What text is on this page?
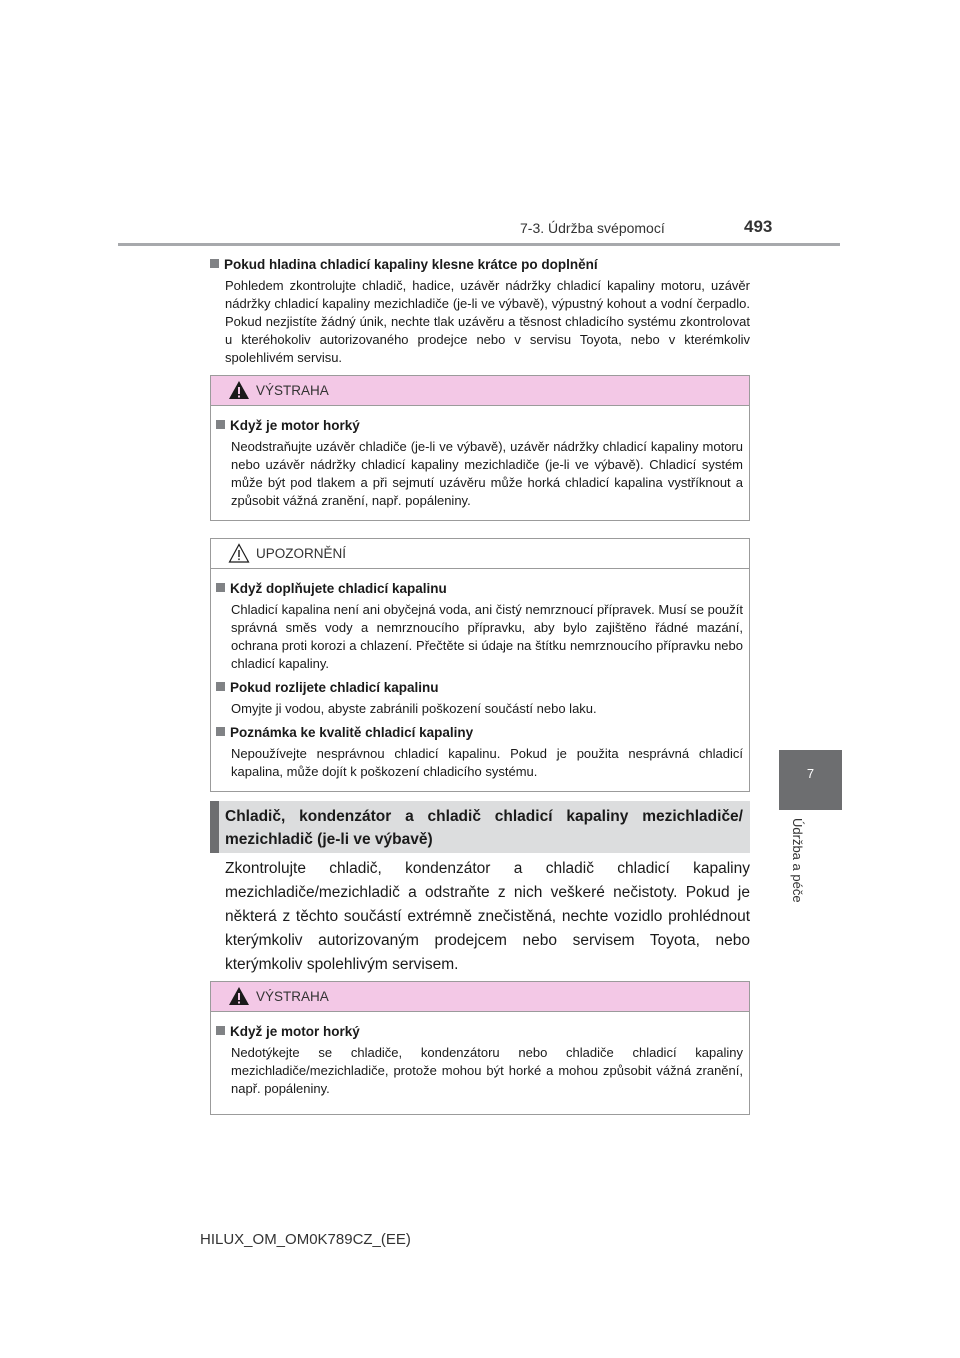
7-3. Údržba svépomocí	493
7
Údržba a péče
Pokud hladina chladicí kapaliny klesne krátce po doplnění
Pohledem zkontrolujte chladič, hadice, uzávěr nádržky chladicí kapaliny motoru, uzávěr nádržky chladicí kapaliny mezichladiče (je-li ve výbavě), výpustný kohout a vodní čerpadlo. Pokud nezjistíte žádný únik, nechte tlak uzávěru a těsnost chladicího systému zkontrolovat u kteréhokoliv autorizovaného prodejce nebo v servisu Toyota, nebo v kterémkoliv spolehlivém servisu.
VÝSTRAHA
Když je motor horký
Neodstraňujte uzávěr chladiče (je-li ve výbavě), uzávěr nádržky chladicí kapaliny motoru nebo uzávěr nádržky chladicí kapaliny mezichladiče (je-li ve výbavě). Chladicí systém může být pod tlakem a při sejmutí uzávěru může horká chladicí kapalina vystříknout a způsobit vážná zranění, např. popáleniny.
UPOZORNĚNÍ
Když doplňujete chladicí kapalinu
Chladicí kapalina není ani obyčejná voda, ani čistý nemrznoucí přípravek. Musí se použít správná směs vody a nemrznoucího přípravku, aby bylo zajištěno řádné mazání, ochrana proti korozi a chlazení. Přečtěte si údaje na štítku nemrznoucího přípravku nebo chladicí kapaliny.
Pokud rozlijete chladicí kapalinu
Omyjte ji vodou, abyste zabránili poškození součástí nebo laku.
Poznámka ke kvalitě chladicí kapaliny
Nepoužívejte nesprávnou chladicí kapalinu. Pokud je použita nesprávná chladicí kapalina, může dojít k poškození chladicího systému.
Chladič, kondenzátor a chladič chladicí kapaliny mezichladiče/ mezichladič (je-li ve výbavě)
Zkontrolujte chladič, kondenzátor a chladič chladicí kapaliny mezichladiče/mezichladič a odstraňte z nich veškeré nečistoty. Pokud je některá z těchto součástí extrémně znečistěná, nechte vozidlo prohlédnout kterýmkoliv autorizovaným prodejcem nebo servisem Toyota, nebo kterýmkoliv spolehlivým servisem.
VÝSTRAHA
Když je motor horký
Nedotýkejte se chladiče, kondenzátoru nebo chladiče chladicí kapaliny mezichladiče/mezichladiče, protože mohou být horké a mohou způsobit vážná zranění, např. popáleniny.
HILUX_OM_OM0K789CZ_(EE)
